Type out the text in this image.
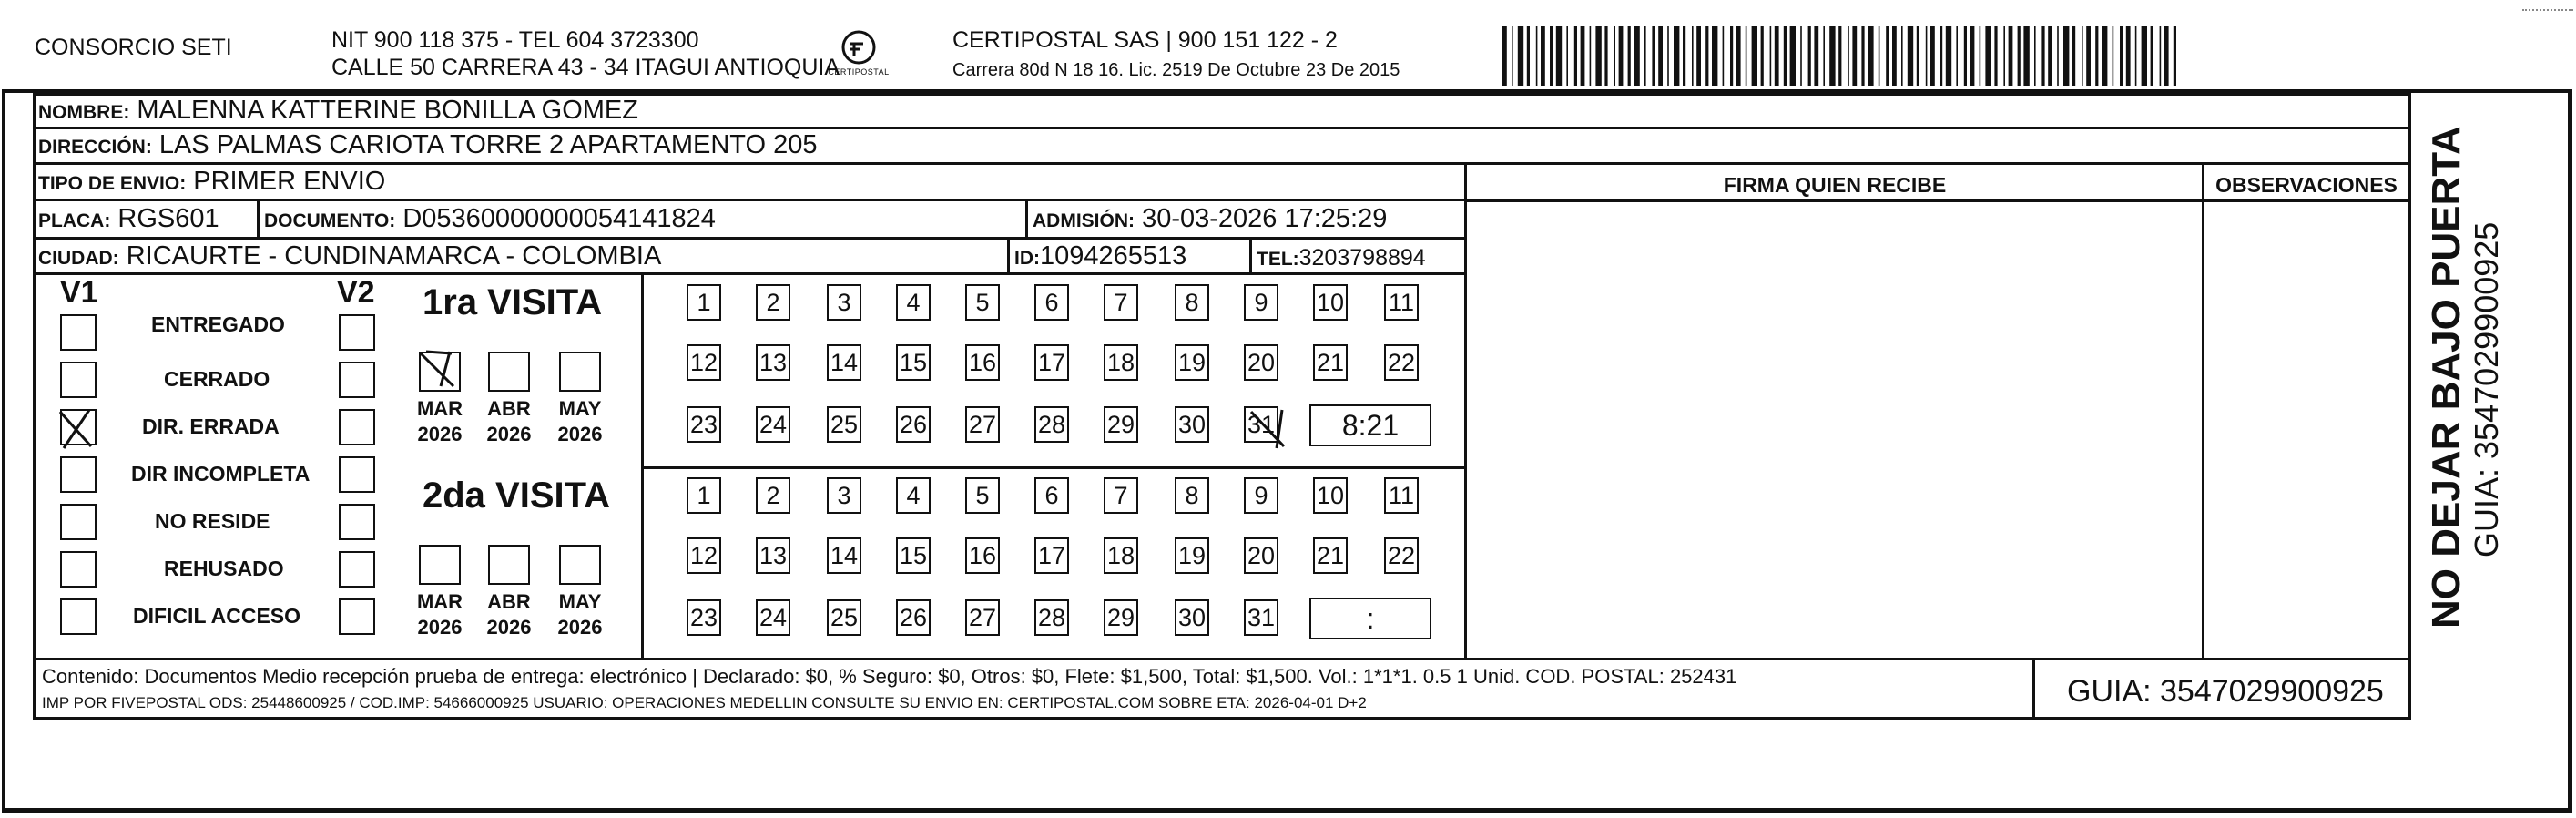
CONSORCIO SETI	NIT 900 118 375 - TEL 604 3723300
CALLE 50 CARRERA 43 - 34 ITAGUI ANTIOQUIA
CERTIPOSTAL
CERTIPOSTAL SAS | 900 151 122 - 2
Carrera 80d N 18 16. Lic. 2519 De Octubre 23 De 2015
NOMBRE: MALENNA KATTERINE BONILLA GOMEZ
DIRECCIÓN: LAS PALMAS CARIOTA TORRE 2 APARTAMENTO 205
TIPO DE ENVIO: PRIMER ENVIO	FIRMA QUIEN RECIBE	OBSERVACIONES
PLACA: RGS601 DOCUMENTO: D05360000000054141824	ADMISIÓN: 30-03-2026 17:25:29
CIUDAD: RICAURTE - CUNDINAMARCA - COLOMBIA	ID:1094265513	TEL:3203798894
V1	V2
ENTREGADO
CERRADO
DIR. ERRADA
DIR INCOMPLETA
NO RESIDE
REHUSADO
DIFICIL ACCESO
1ra VISITA
2da VISITA
1	2	3	4	5	6	7	8	9	10 11
12 13 14 15 16 17 18 19 20 21 22
23 24 25 26 27 28 29 30 31	8:21
MAR
2026
ABR
2026
MAY
2026
1	2	3	4	5	6	7	8	9	10 11
12 13 14 15 16 17 18 19 20 21 22
23 24 25 26 27 28 29 30 31	:
MAR
2026
ABR
2026
MAY
2026
Contenido: Documentos Medio recepción prueba de entrega: electrónico | Declarado: $0, % Seguro: $0, Otros: $0, Flete: $1,500, Total: $1,500. Vol.: 1*1*1. 0.5 1 Unid. COD. POSTAL: 252431
IMP POR FIVEPOSTAL ODS: 25448600925 / COD.IMP: 54666000925 USUARIO: OPERACIONES MEDELLIN CONSULTE SU ENVIO EN: CERTIPOSTAL.COM SOBRE ETA: 2026-04-01 D+2	GUIA: 3547029900925
NO DEJAR BAJO PUERTA GUIA: 3547029900925
